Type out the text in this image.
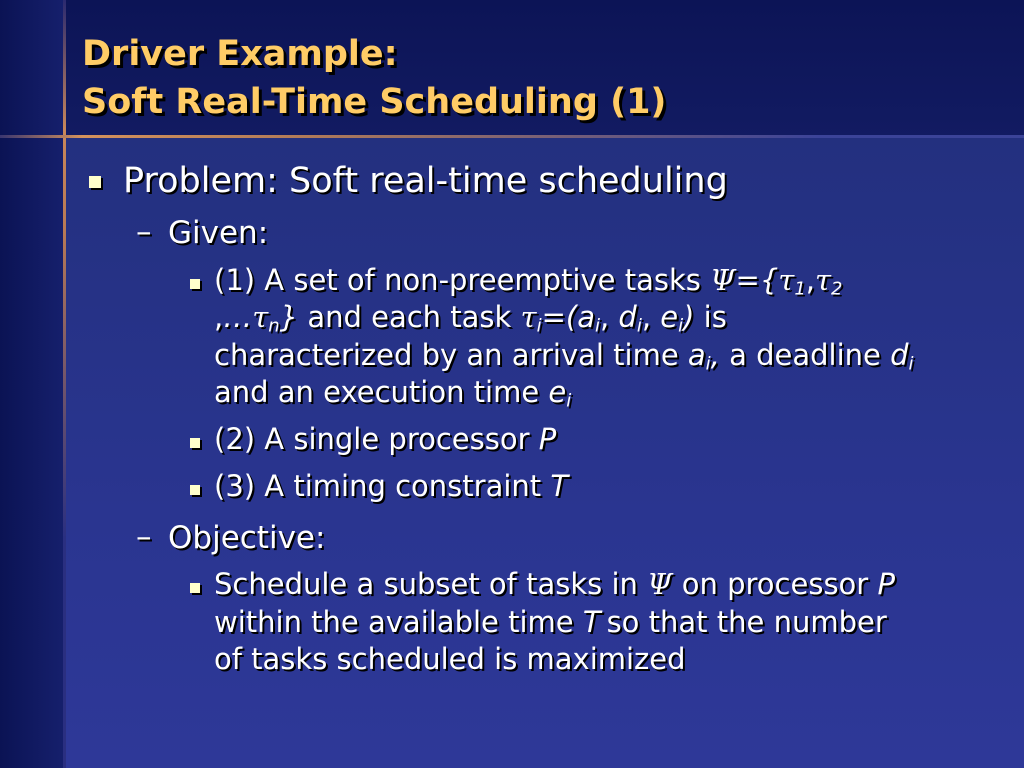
Driver Example:
Soft Real-Time Scheduling (1)
Problem: Soft real-time scheduling
– Given:
(1) A set of non-preemptive tasks $\Psi=\{\tau_1,\tau_2$
$,\dots\tau_n$} and each task $\tau_i=(a_i$, $d_i$, $e_i$) is
characterized by an arrival time $a_i$, a deadline $d_i$
and an execution time $e_i$
(2) A single processor P
(3) A timing constraint T
– Objective:
Schedule a subset of tasks in Ψ on processor P
within the available time T so that the number
of tasks scheduled is maximized
